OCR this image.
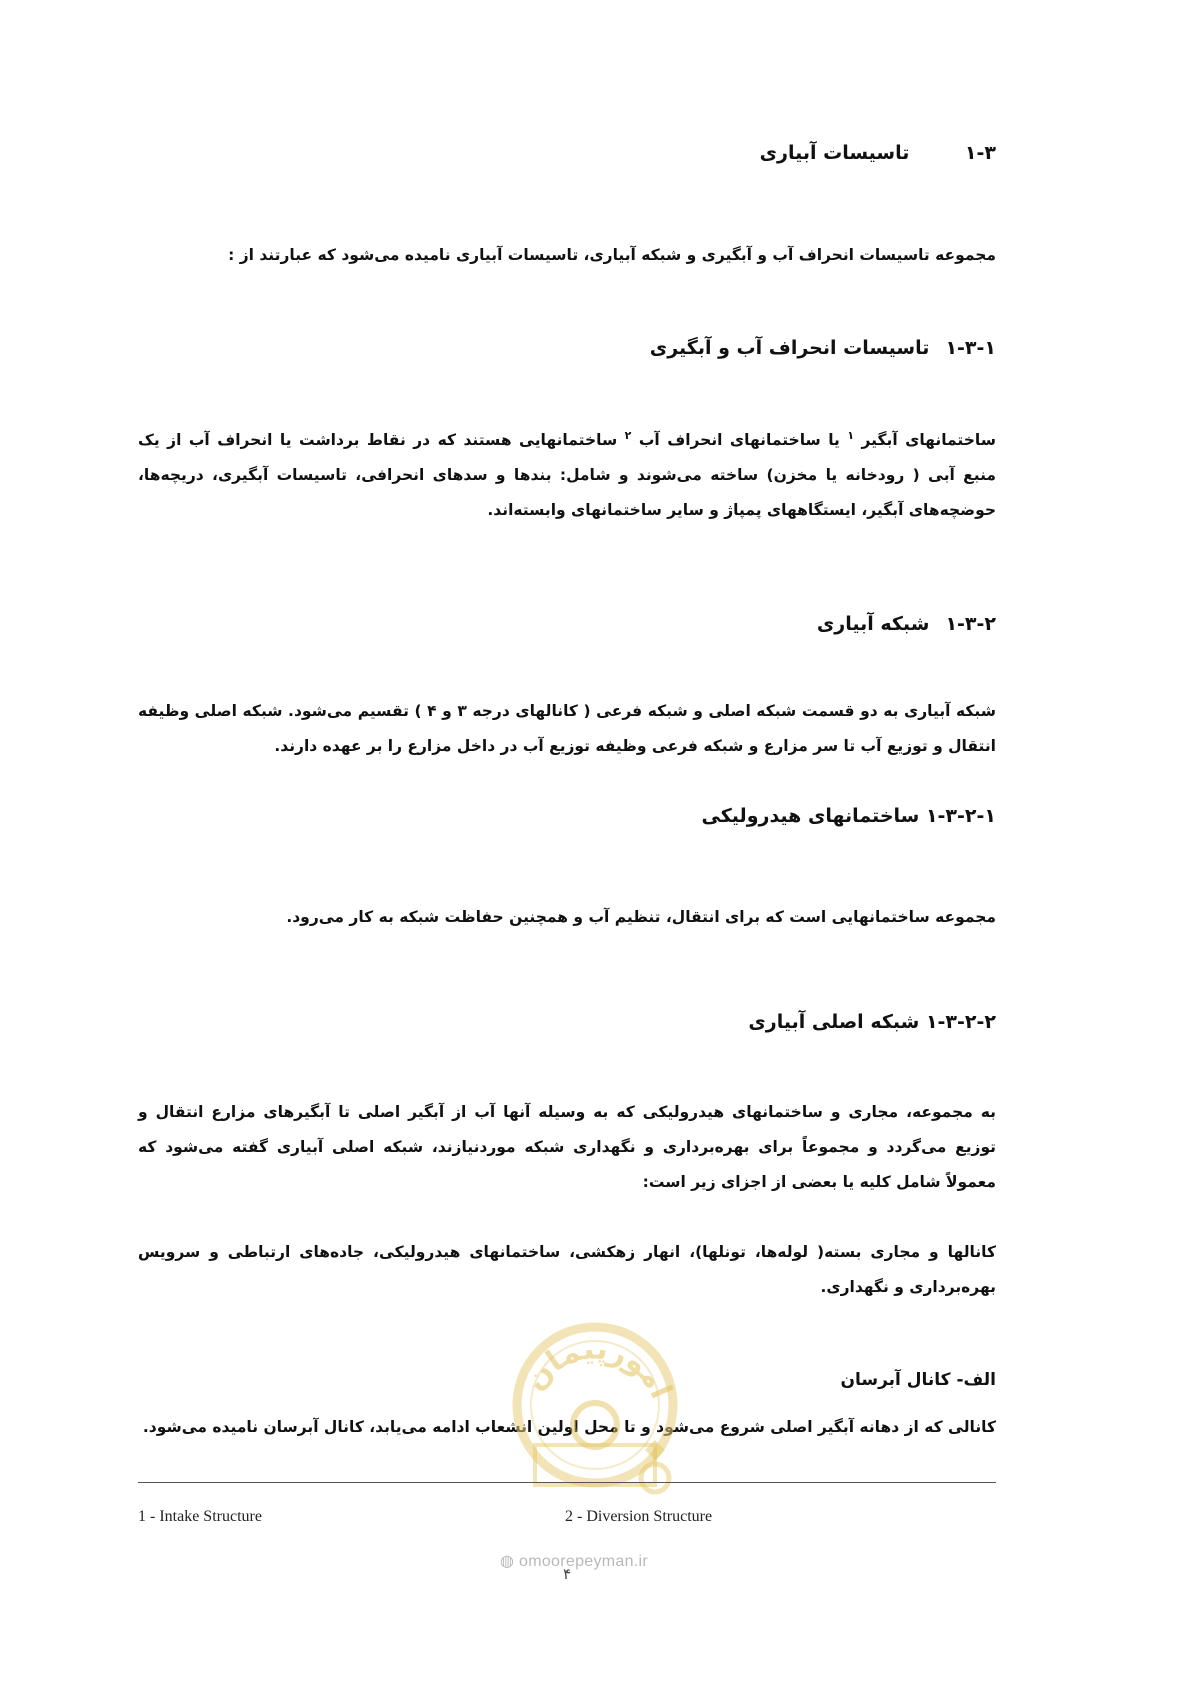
۱-۳ تاسیسات آبیاری
مجموعه تاسیسات انحراف آب و آبگیری و شبکه آبیاری، تاسیسات آبیاری نامیده می‌شود که عبارتند از :
۱-۳-۱ تاسیسات انحراف آب و آبگیری
ساختمانهای آبگیر $^۱$ یا ساختمانهای انحراف آب $^۲$ ساختمانهایی هستند که در نقاط برداشت یا انحراف آب از یک منبع آبی ( رودخانه یا مخزن) ساخته می‌شوند و شامل: بندها و سدهای انحرافی، تاسیسات آبگیری، دریچه‌ها، حوضچه‌های آبگیر، ایستگاههای پمپاژ و سایر ساختمانهای وابسته‌اند.
۱-۳-۲ شبکه آبیاری
شبکه آبیاری به دو قسمت شبکه اصلی و شبکه فرعی ( کانالهای درجه ۳ و ۴ ) تقسیم می‌شود. شبکه اصلی وظیفه انتقال و توزیع آب تا سر مزارع و شبکه فرعی وظیفه توزیع آب در داخل مزارع را بر عهده دارند.
۱-۳-۲-۱ ساختمانهای هیدرولیکی
مجموعه ساختمانهایی است که برای انتقال، تنظیم آب و همچنین حفاظت شبکه به کار می‌رود.
۱-۳-۲-۲ شبکه اصلی آبیاری
به مجموعه، مجاری و ساختمانهای هیدرولیکی که به وسیله آنها آب از آبگیر اصلی تا آبگیرهای مزارع انتقال و توزیع می‌گردد و مجموعاً برای بهره‌برداری و نگهداری شبکه موردنیازند، شبکه اصلی آبیاری گفته می‌شود که معمولاً شامل کلیه یا بعضی از اجزای زیر است:
کانالها و مجاری بسته( لوله‌ها، تونلها)، انهار زهکشی، ساختمانهای هیدرولیکی، جاده‌های ارتباطی و سرویس بهره‌برداری و نگهداری.
الف- کانال آبرسان
کانالی که از دهانه آبگیر اصلی شروع می‌شود و تا محل اولین انشعاب ادامه می‌یابد، کانال آبرسان نامیده می‌شود.
امورپیمان
1 - Intake Structure	2 - Diversion Structure
◍ omoorepeyman.ir
۴
